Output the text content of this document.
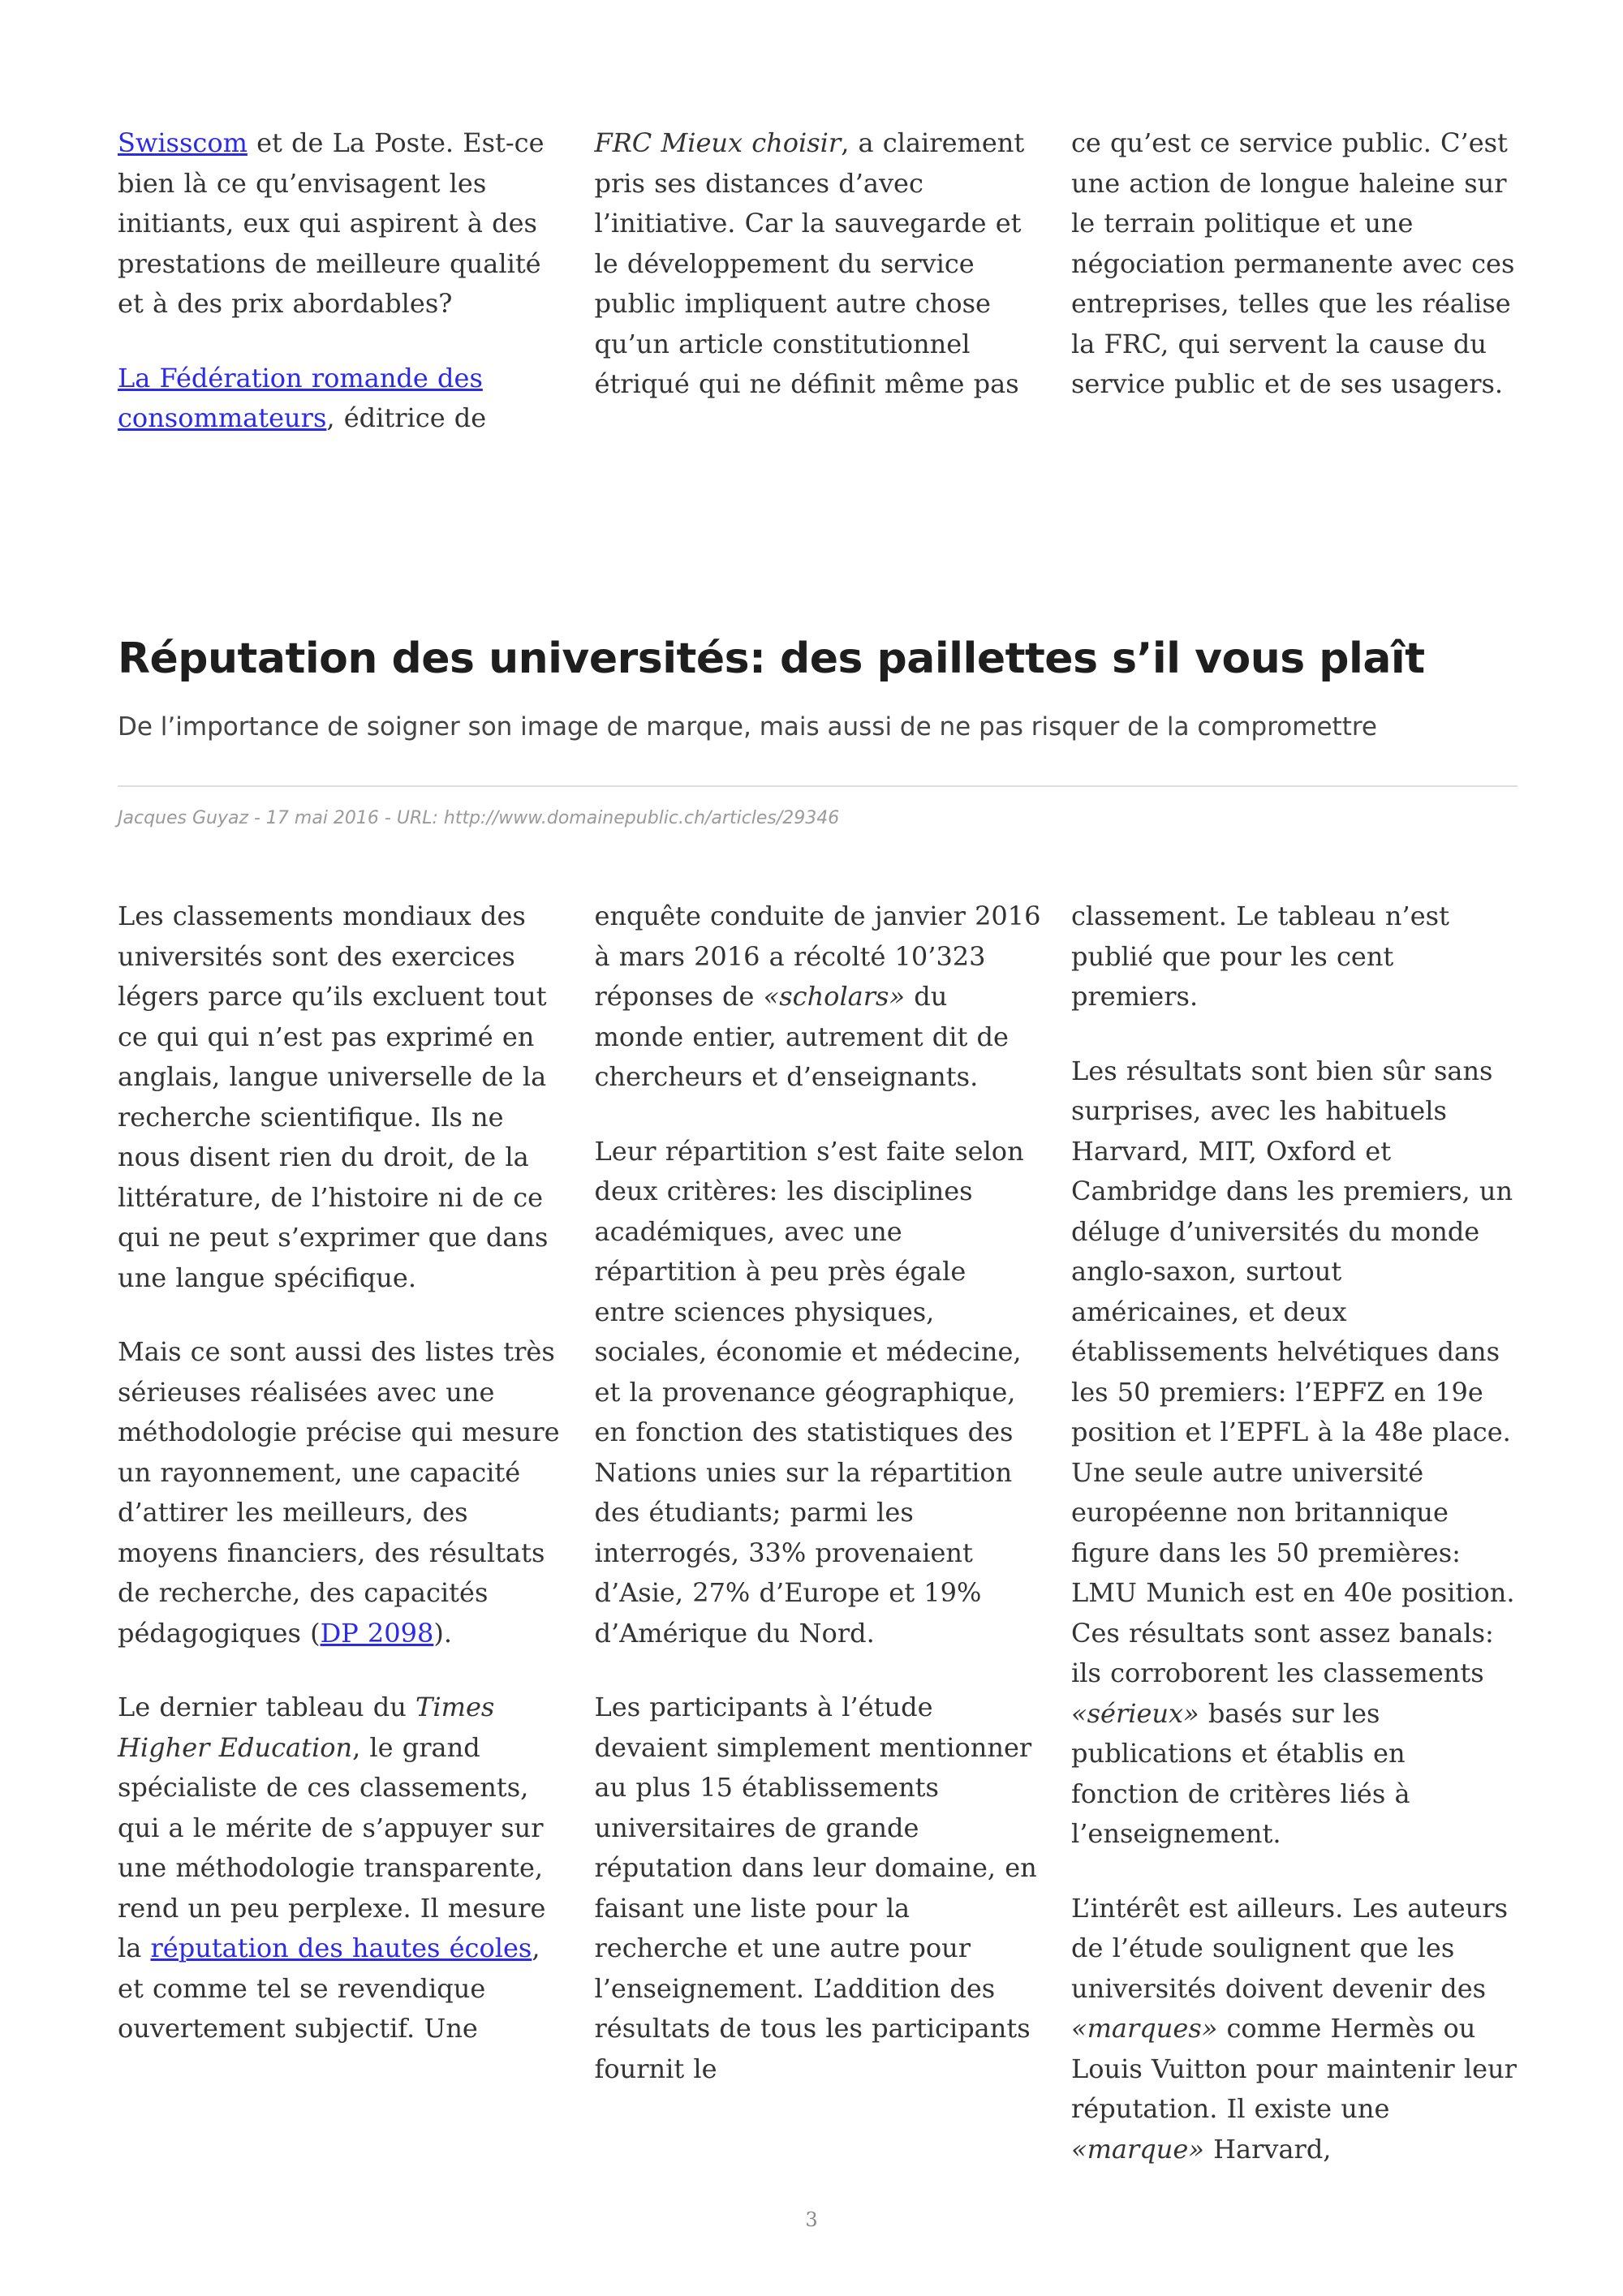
Swisscom et de La Poste. Est-ce bien là ce qu’envisagent les initiants, eux qui aspirent à des prestations de meilleure qualité et à des prix abordables?

La Fédération romande des consommateurs, éditrice de

FRC Mieux choisir, a clairement pris ses distances d’avec l’initiative. Car la sauvegarde et le développement du service public impliquent autre chose qu’un article constitutionnel étriqué qui ne définit même pas

ce qu’est ce service public. C’est une action de longue haleine sur le terrain politique et une négociation permanente avec ces entreprises, telles que les réalise la FRC, qui servent la cause du service public et de ses usagers.

Réputation des universités: des paillettes s’il vous plaît

De l’importance de soigner son image de marque, mais aussi de ne pas risquer de la compromettre

Jacques Guyaz - 17 mai 2016 - URL: http://www.domainepublic.ch/articles/29346

Les classements mondiaux des universités sont des exercices légers parce qu’ils excluent tout ce qui qui n’est pas exprimé en anglais, langue universelle de la recherche scientifique. Ils ne nous disent rien du droit, de la littérature, de l’histoire ni de ce qui ne peut s’exprimer que dans une langue spécifique.

Mais ce sont aussi des listes très sérieuses réalisées avec une méthodologie précise qui mesure un rayonnement, une capacité d’attirer les meilleurs, des moyens financiers, des résultats de recherche, des capacités pédagogiques (DP 2098).

Le dernier tableau du Times Higher Education, le grand spécialiste de ces classements, qui a le mérite de s’appuyer sur une méthodologie transparente, rend un peu perplexe. Il mesure la réputation des hautes écoles, et comme tel se revendique ouvertement subjectif. Une

enquête conduite de janvier 2016 à mars 2016 a récolté 10’323 réponses de «scholars» du monde entier, autrement dit de chercheurs et d’enseignants.

Leur répartition s’est faite selon deux critères: les disciplines académiques, avec une répartition à peu près égale entre sciences physiques, sociales, économie et médecine, et la provenance géographique, en fonction des statistiques des Nations unies sur la répartition des étudiants; parmi les interrogés, 33% provenaient d’Asie, 27% d’Europe et 19% d’Amérique du Nord.

Les participants à l’étude devaient simplement mentionner au plus 15 établissements universitaires de grande réputation dans leur domaine, en faisant une liste pour la recherche et une autre pour l’enseignement. L’addition des résultats de tous les participants fournit le

classement. Le tableau n’est publié que pour les cent premiers.

Les résultats sont bien sûr sans surprises, avec les habituels Harvard, MIT, Oxford et Cambridge dans les premiers, un déluge d’universités du monde anglo-saxon, surtout américaines, et deux établissements helvétiques dans les 50 premiers: l’EPFZ en 19e position et l’EPFL à la 48e place. Une seule autre université européenne non britannique figure dans les 50 premières: LMU Munich est en 40e position. Ces résultats sont assez banals: ils corroborent les classements «sérieux» basés sur les publications et établis en fonction de critères liés à l’enseignement.

L’intérêt est ailleurs. Les auteurs de l’étude soulignent que les universités doivent devenir des «marques» comme Hermès ou Louis Vuitton pour maintenir leur réputation. Il existe une «marque» Harvard,

3
